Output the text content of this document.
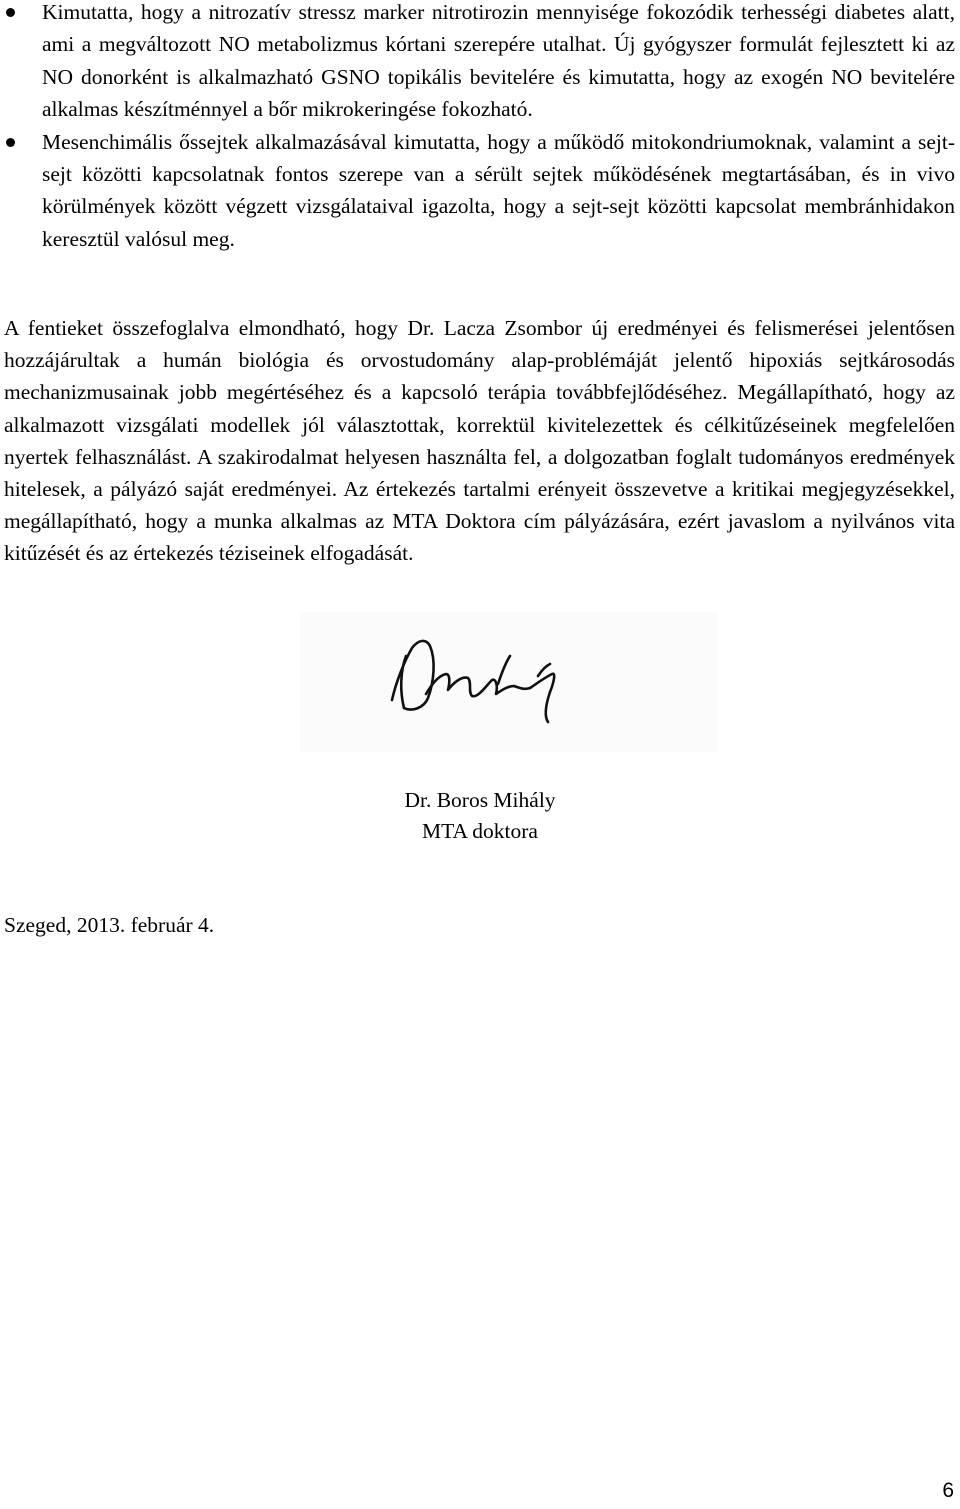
Kimutatta, hogy a nitrozatív stressz marker nitrotirozin mennyisége fokozódik terhességi diabetes alatt, ami a megváltozott NO metabolizmus kórtani szerepére utalhat. Új gyógyszer formulát fejlesztett ki az NO donorként is alkalmazható GSNO topikális bevitelére és kimutatta, hogy az exogén NO bevitelére alkalmas készítménnyel a bőr mikrokeringése fokozható.
Mesenchimális őssejtek alkalmazásával kimutatta, hogy a működő mitokondriumoknak, valamint a sejt-sejt közötti kapcsolatnak fontos szerepe van a sérült sejtek működésének megtartásában, és in vivo körülmények között végzett vizsgálataival igazolta, hogy a sejt-sejt közötti kapcsolat membránhidakon keresztül valósul meg.

A fentieket összefoglalva elmondható, hogy Dr. Lacza Zsombor új eredményei és felismerései jelentősen hozzájárultak a humán biológia és orvostudomány alap-problémáját jelentő hipoxiás sejtkárosodás mechanizmusainak jobb megértéséhez és a kapcsoló terápia továbbfejlődéséhez. Megállapítható, hogy az alkalmazott vizsgálati modellek jól választottak, korrektül kivitelezettek és célkitűzéseinek megfelelően nyertek felhasználást. A szakirodalmat helyesen használta fel, a dolgozatban foglalt tudományos eredmények hitelesek, a pályázó saját eredményei. Az értekezés tartalmi erényeit összevetve a kritikai megjegyzésekkel, megállapítható, hogy a munka alkalmas az MTA Doktora cím pályázására, ezért javaslom a nyilvános vita kitűzését és az értekezés téziseinek elfogadását.

Dr. Boros Mihály
MTA doktora
Szeged, 2013. február 4.
6
